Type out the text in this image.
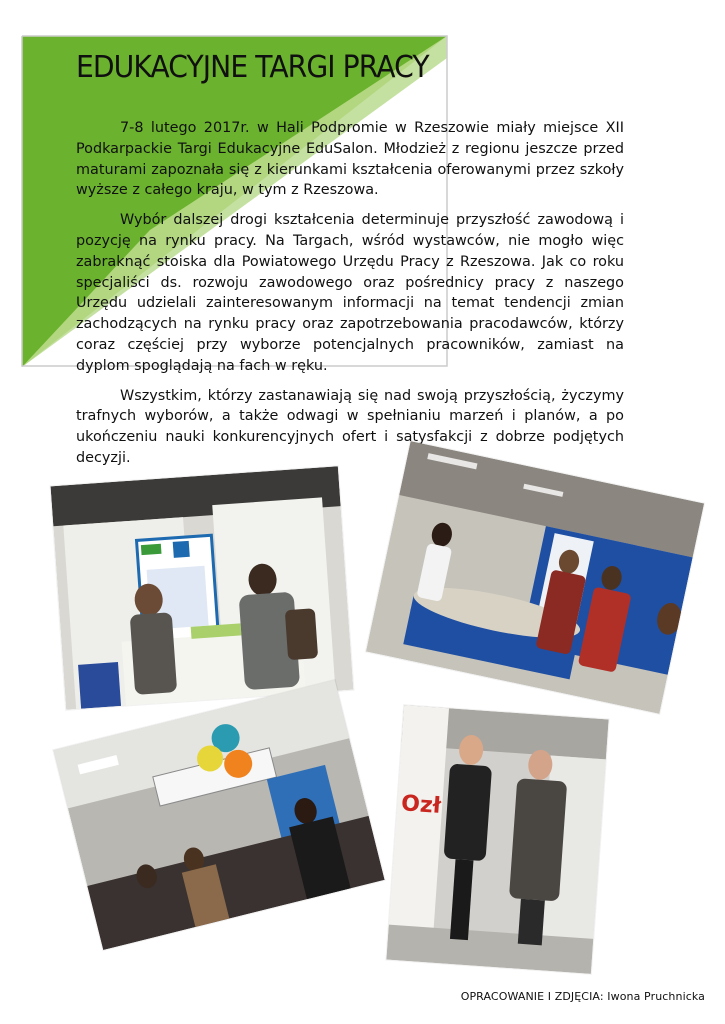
EDUKACYJNE TARGI PRACY

7-8 lutego 2017r. w Hali Podpromie w Rzeszowie miały miejsce XII Podkarpackie Targi Edukacyjne EduSalon. Młodzież z regionu jeszcze przed maturami zapoznała się z kierunkami kształcenia oferowanymi przez szkoły wyższe z całego kraju, w tym z Rzeszowa.

Wybór dalszej drogi kształcenia determinuje przyszłość zawodową i pozycję na rynku pracy. Na Targach, wśród wystawców, nie mogło więc zabraknąć stoiska dla Powiatowego Urzędu Pracy z Rzeszowa. Jak co roku specjaliści ds. rozwoju zawodowego oraz pośrednicy pracy z naszego Urzędu udzielali zainteresowanym informacji na temat tendencji zmian zachodzących na rynku pracy oraz zapotrzebowania pracodawców, którzy coraz częściej przy wyborze potencjalnych pracowników, zamiast na dyplom spoglądają na fach w ręku.

Wszystkim, którzy zastanawiają się nad swoją przyszłością, życzymy trafnych wyborów, a także odwagi w spełnianiu marzeń i planów, a po ukończeniu nauki konkurencyjnych ofert i satysfakcji z dobrze podjętych decyzji.

Ozł
OPRACOWANIE I ZDJĘCIA: Iwona Pruchnicka
